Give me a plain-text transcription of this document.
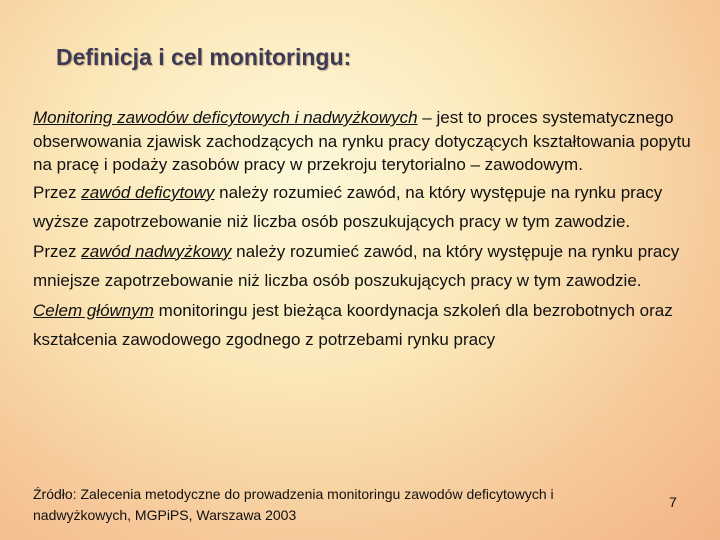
Definicja i cel monitoringu:

Monitoring zawodów deficytowych i nadwyżkowych – jest to proces systematycznego obserwowania zjawisk zachodzących na rynku pracy dotyczących kształtowania popytu na pracę i podaży zasobów pracy w przekroju terytorialno – zawodowym.

Przez zawód deficytowy należy rozumieć zawód, na który występuje na rynku pracy wyższe zapotrzebowanie niż liczba osób poszukujących pracy w tym zawodzie.

Przez zawód nadwyżkowy należy rozumieć zawód, na który występuje na rynku pracy mniejsze zapotrzebowanie niż liczba osób poszukujących pracy w tym zawodzie.

Celem głównym monitoringu jest bieżąca koordynacja szkoleń dla bezrobotnych oraz kształcenia zawodowego zgodnego z potrzebami rynku pracy

Źródło: Zalecenia metodyczne do prowadzenia monitoringu zawodów deficytowych i nadwyżkowych, MGPiPS, Warszawa 2003

7
